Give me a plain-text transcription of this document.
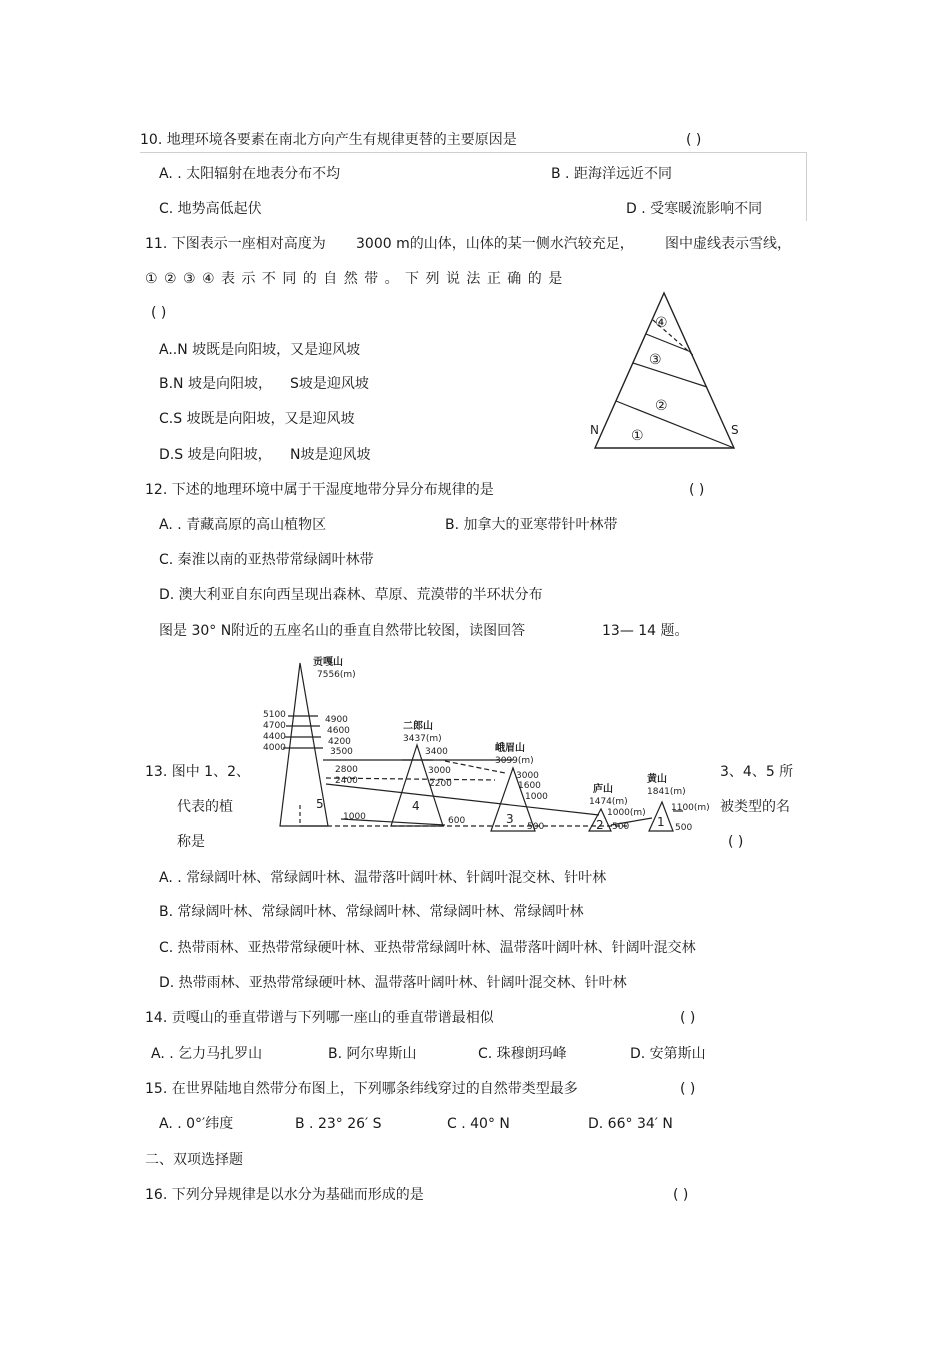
10. 地理环境各要素在南北方向产生有规律更替的主要原因是	( )
A. . 太阳辐射在地表分布不均	B . 距海洋远近不同
C. 地势高低起伏	D . 受寒暖流影响不同
11. 下图表示一座相对高度为 3000 m的山体，山体的某一侧水汽较充足， 图中虚线表示雪线，
① ② ③ ④ 表 示 不 同 的 自 然 带 。 下 列 说 法 正 确 的 是
( )
A..N 坡既是向阳坡，又是迎风坡
B.N 坡是向阳坡， S坡是迎风坡
C.S 坡既是向阳坡，又是迎风坡
D.S 坡是向阳坡， N坡是迎风坡
①
②
③
④
N	S
12. 下述的地理环境中属于干湿度地带分异分布规律的是	( )
A. . 青藏高原的高山植物区	B. 加拿大的亚寒带针叶林带
C. 秦淮以南的亚热带常绿阔叶林带
D. 澳大利亚自东向西呈现出森林、草原、荒漠带的半环状分布
图是 30° N附近的五座名山的垂直自然带比较图，读图回答	13— 14 题。
贡嘎山
7556(m)
二郎山
3437(m)
峨眉山
3099(m)
庐山
1474(m)
黄山
1841(m)
5100
4700
4400
4000
4900
4600
4200
3500
2800
2400
3400
3000
2200
3000
1600
1000
1000	600
500	500	500
1000(m)	1100(m)
5	4
3	2	1
13. 图中 1、2、	3、4、5 所
代表的植	被类型的名
称是	( )
A. . 常绿阔叶林、常绿阔叶林、温带落叶阔叶林、针阔叶混交林、针叶林
B. 常绿阔叶林、常绿阔叶林、常绿阔叶林、常绿阔叶林、常绿阔叶林
C. 热带雨林、亚热带常绿硬叶林、亚热带常绿阔叶林、温带落叶阔叶林、针阔叶混交林
D. 热带雨林、亚热带常绿硬叶林、温带落叶阔叶林、针阔叶混交林、针叶林
14. 贡嘎山的垂直带谱与下列哪一座山的垂直带谱最相似	( )
A. . 乞力马扎罗山	B. 阿尔卑斯山	C. 珠穆朗玛峰	D. 安第斯山
15. 在世界陆地自然带分布图上，下列哪条纬线穿过的自然带类型最多	( )
A. . 0°′纬度	B . 23° 26′ S	C . 40° N	D. 66° 34′ N
二、双项选择题
16. 下列分异规律是以水分为基础而形成的是	( )
